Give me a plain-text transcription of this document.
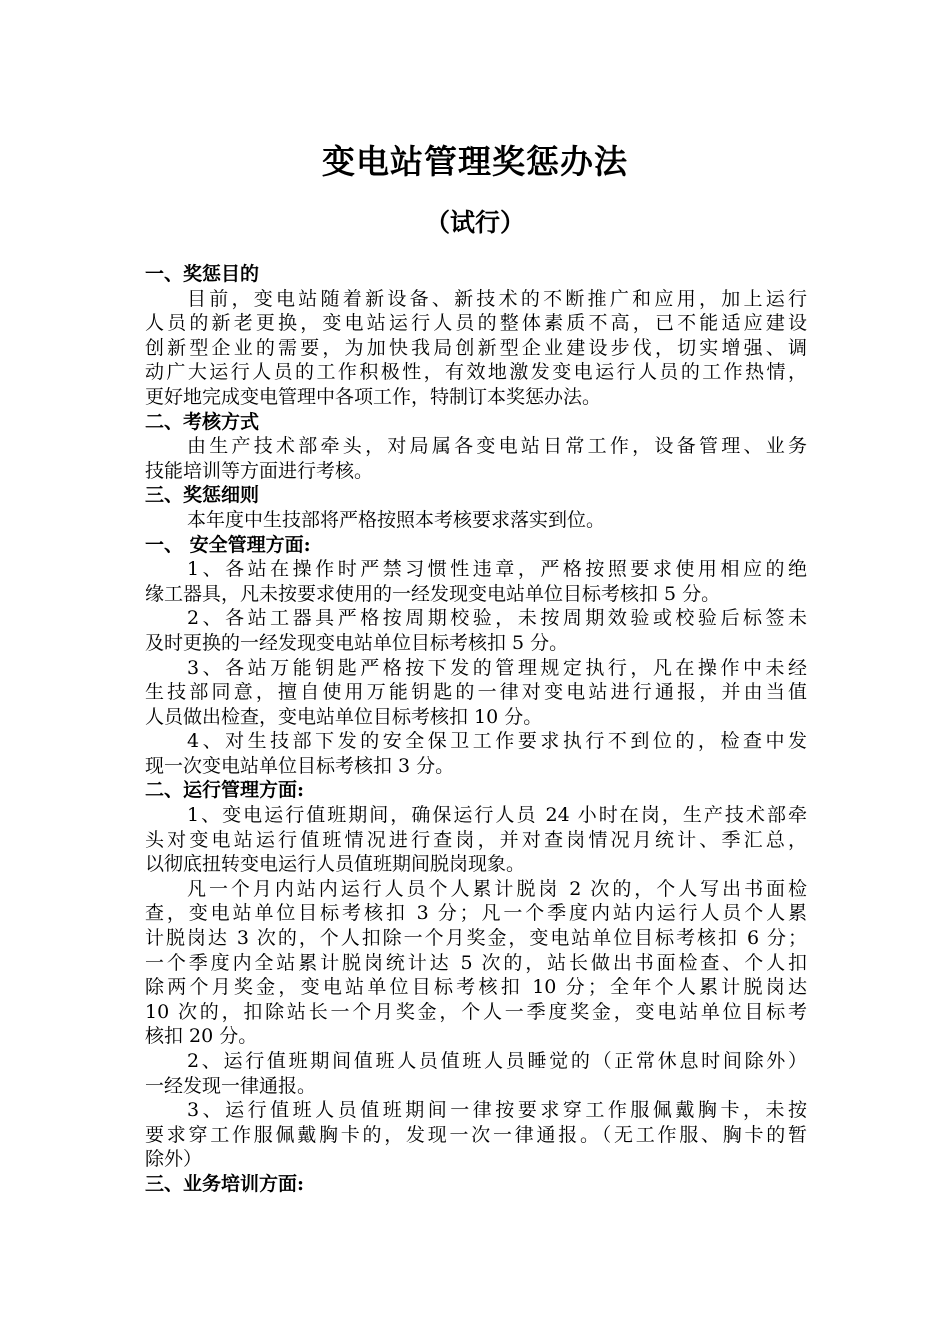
变电站管理奖惩办法
（试行）
一、奖惩目的
目前，变电站随着新设备、新技术的不断推广和应用，加上运行
人员的新老更换，变电站运行人员的整体素质不高，已不能适应建设
创新型企业的需要，为加快我局创新型企业建设步伐，切实增强、调
动广大运行人员的工作积极性，有效地激发变电运行人员的工作热情，
更好地完成变电管理中各项工作，特制订本奖惩办法。
二、考核方式
由生产技术部牵头，对局属各变电站日常工作，设备管理、业务
技能培训等方面进行考核。
三、奖惩细则
本年度中生技部将严格按照本考核要求落实到位。
一、 安全管理方面:
1、各站在操作时严禁习惯性违章，严格按照要求使用相应的绝
缘工器具，凡未按要求使用的一经发现变电站单位目标考核扣 5 分。
2、各站工器具严格按周期校验，未按周期效验或校验后标签未
及时更换的一经发现变电站单位目标考核扣 5 分。
3、各站万能钥匙严格按下发的管理规定执行，凡在操作中未经
生技部同意，擅自使用万能钥匙的一律对变电站进行通报，并由当值
人员做出检查，变电站单位目标考核扣 10 分。
4、对生技部下发的安全保卫工作要求执行不到位的，检查中发
现一次变电站单位目标考核扣 3 分。
二、运行管理方面:
1、变电运行值班期间，确保运行人员 24 小时在岗，生产技术部牵
头对变电站运行值班情况进行查岗，并对查岗情况月统计、季汇总，
以彻底扭转变电运行人员值班期间脱岗现象。
凡一个月内站内运行人员个人累计脱岗 2 次的，个人写出书面检
查，变电站单位目标考核扣 3 分；凡一个季度内站内运行人员个人累
计脱岗达 3 次的，个人扣除一个月奖金，变电站单位目标考核扣 6 分；
一个季度内全站累计脱岗统计达 5 次的，站长做出书面检查、个人扣
除两个月奖金，变电站单位目标考核扣 10 分；全年个人累计脱岗达
10 次的，扣除站长一个月奖金，个人一季度奖金，变电站单位目标考
核扣 20 分。
2、运行值班期间值班人员值班人员睡觉的（正常休息时间除外）
一经发现一律通报。
3、运行值班人员值班期间一律按要求穿工作服佩戴胸卡，未按
要求穿工作服佩戴胸卡的，发现一次一律通报。（无工作服、胸卡的暂
除外）
三、业务培训方面:
